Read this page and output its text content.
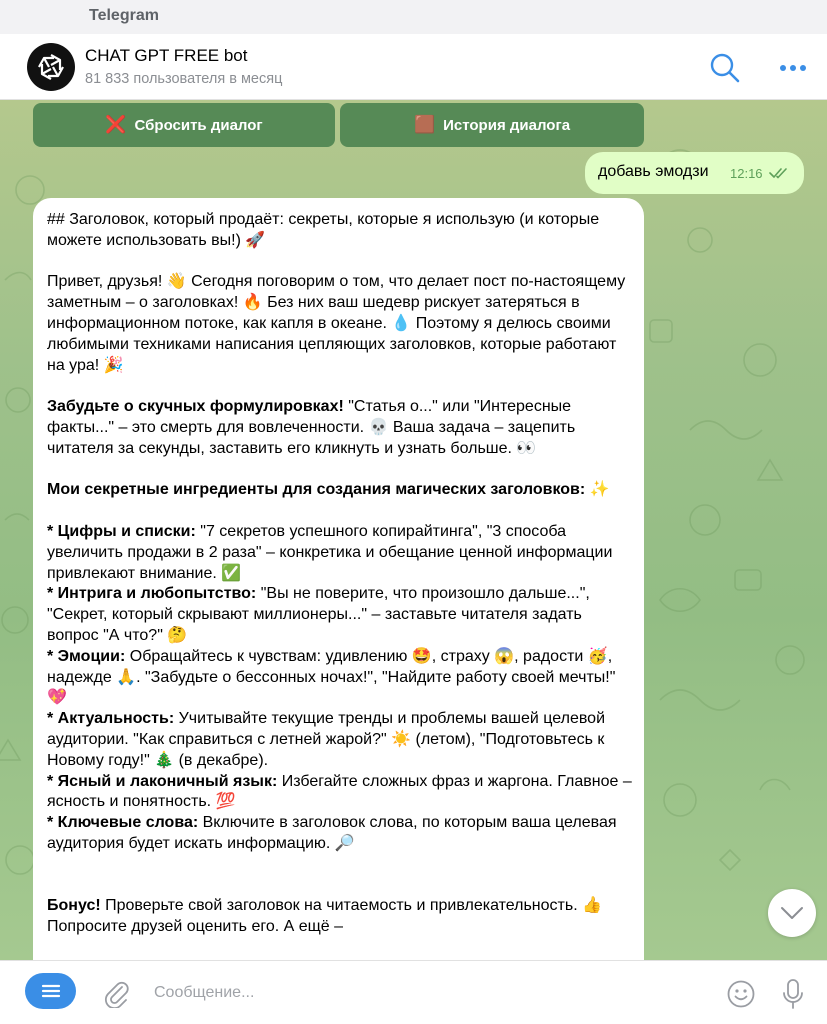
Telegram
CHAT GPT FREE bot
81 833 пользователя в месяц
❌ Сбросить диалог	🟫 История диалога
добавь эмодзи 12:16

## Заголовок, который продаёт: секреты, которые я использую (и которые можете использовать вы!) 🚀

Привет, друзья! 👋 Сегодня поговорим о том, что делает пост по-настоящему заметным – о заголовках! 🔥 Без них ваш шедевр рискует затеряться в информационном потоке, как капля в океане. 💧 Поэтому я делюсь своими любимыми техниками написания цепляющих заголовков, которые работают на ура! 🎉

Забудьте о скучных формулировках! "Статья о..." или "Интересные факты..." – это смерть для вовлеченности. 💀 Ваша задача – зацепить читателя за секунды, заставить его кликнуть и узнать больше. 👀

Мои секретные ингредиенты для создания магических заголовков: ✨

* Цифры и списки: "7 секретов успешного копирайтинга", "3 способа увеличить продажи в 2 раза" – конкретика и обещание ценной информации привлекают внимание. ✅

* Интрига и любопытство: "Вы не поверите, что произошло дальше...", "Секрет, который скрывают миллионеры..." – заставьте читателя задать вопрос "А что?" 🤔

* Эмоции: Обращайтесь к чувствам: удивлению 🤩, страху 😱, радости 🥳, надежде 🙏. "Забудьте о бессонных ночах!", "Найдите работу своей мечты!" 💖

* Актуальность: Учитывайте текущие тренды и проблемы вашей целевой аудитории. "Как справиться с летней жарой?" ☀️ (летом), "Подготовьтесь к Новому году!" 🎄 (в декабре).

* Ясный и лаконичный язык: Избегайте сложных фраз и жаргона. Главное – ясность и понятность. 💯

* Ключевые слова: Включите в заголовок слова, по которым ваша целевая аудитория будет искать информацию. 🔎

Бонус! Проверьте свой заголовок на читаемость и привлекательность. 👍 Попросите друзей оценить его. А ещё –

Сообщение...
